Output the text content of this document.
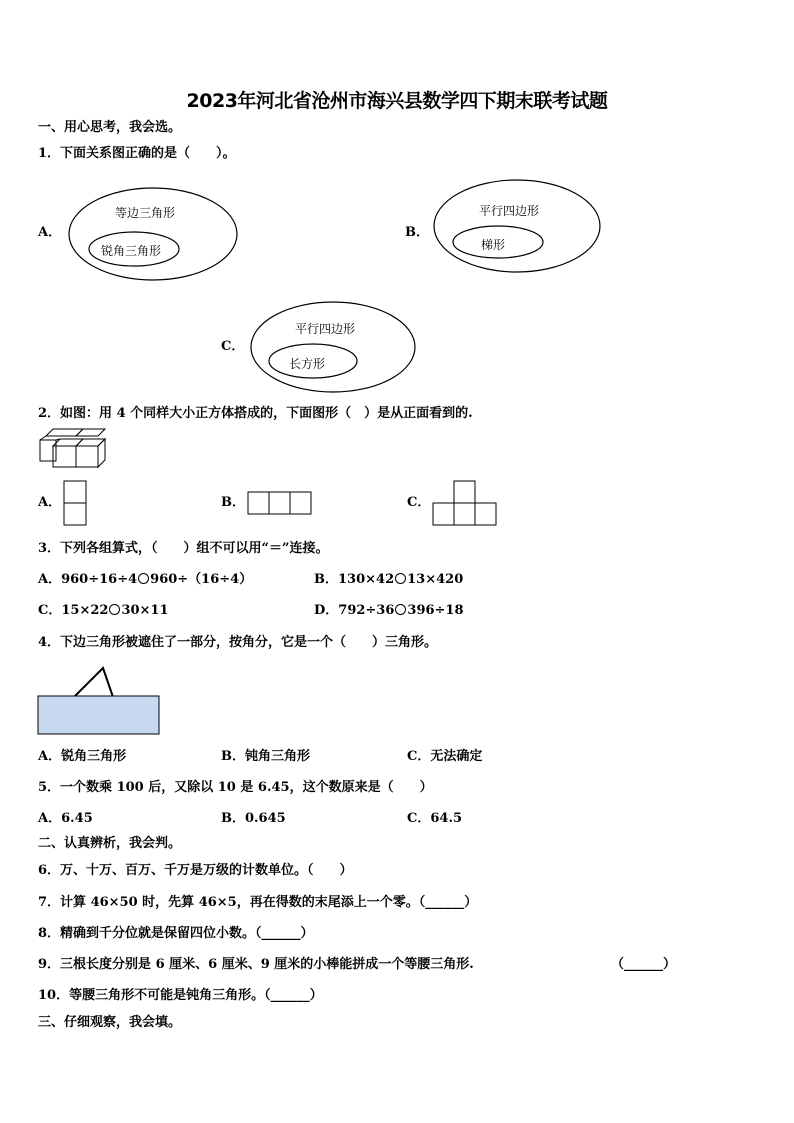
2023年河北省沧州市海兴县数学四下期末联考试题
一、用心思考，我会选。
1．下面关系图正确的是（　　）。
A．
等边三角形
锐角三角形
B．
平行四边形
梯形
C．
平行四边形
长方形
2．如图：用 4 个同样大小正方体搭成的，下面图形（　）是从正面看到的.
A．	B．	C．
3．下列各组算式，（　　）组不可以用“＝”连接。
A．960÷16÷4 960÷（16÷4）	B．130×42 13×420
C．15×22 30×11	D．792÷36 396÷18
4．下边三角形被遮住了一部分，按角分，它是一个（　　）三角形。
A．锐角三角形	B．钝角三角形	C．无法确定
5．一个数乘 100 后，又除以 10 是 6.45，这个数原来是（　　）
A．6.45	B．0.645	C．64.5
二、认真辨析，我会判。
6．万、十万、百万、千万是万级的计数单位。（　　）
7．计算 46×50 时，先算 46×5，再在得数的末尾添上一个零。（______）
8．精确到千分位就是保留四位小数。（______）
9．三根长度分别是 6 厘米、6 厘米、9 厘米的小棒能拼成一个等腰三角形.	（______）
10．等腰三角形不可能是钝角三角形。（______）
三、仔细观察，我会填。
